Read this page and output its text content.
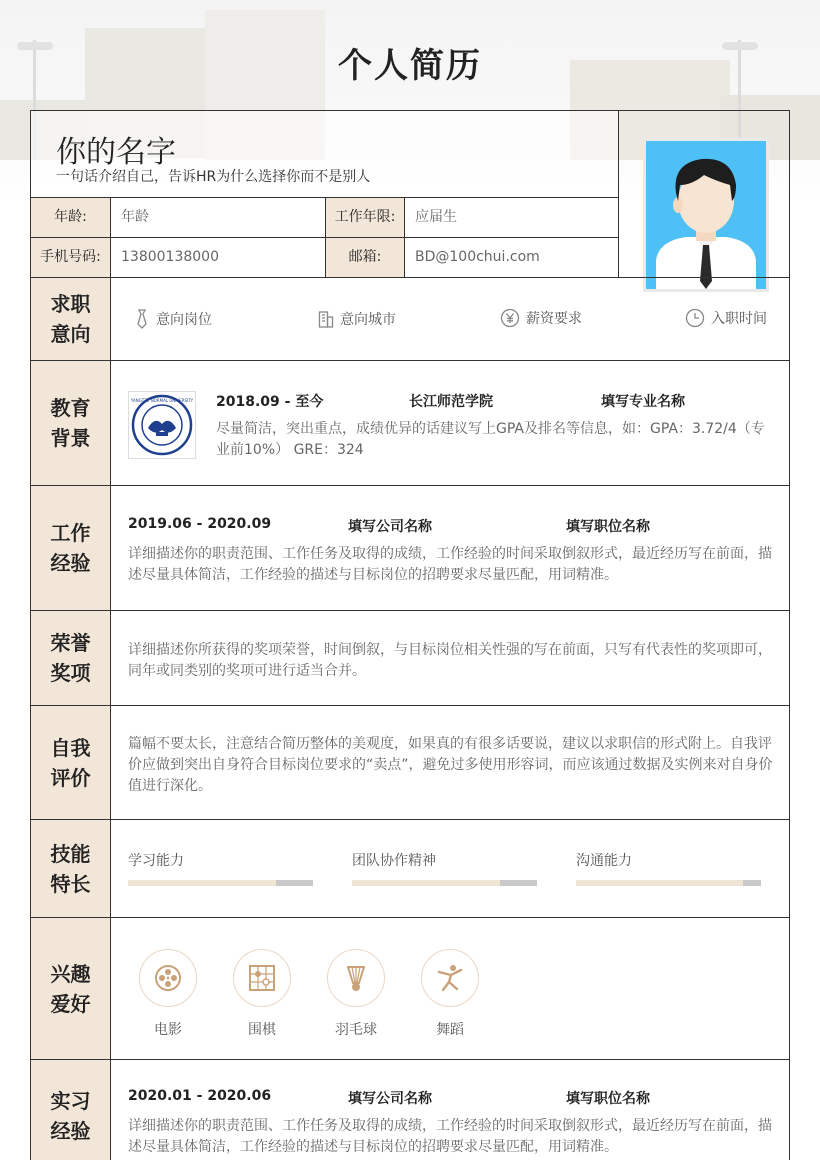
个人简历
你的名字
一句话介绍自己，告诉HR为什么选择你而不是别人
年龄:	年龄	工作年限:	应届生
手机号码:	13800138000	邮箱:	BD@100chui.com
求职意向
意向岗位	意向城市	薪资要求	入职时间
教育背景
YANGTZE NORMAL UNIVERSITY 2018.09 - 至今	长江师范学院	填写专业名称
尽量简洁，突出重点，成绩优异的话建议写上GPA及排名等信息，如：GPA：3.72/4（专业前10%） GRE：324
工作经验
2019.06 - 2020.09	填写公司名称	填写职位名称
详细描述你的职责范围、工作任务及取得的成绩，工作经验的时间采取倒叙形式，最近经历写在前面，描述尽量具体简洁，工作经验的描述与目标岗位的招聘要求尽量匹配，用词精准。
荣誉奖项
详细描述你所获得的奖项荣誉，时间倒叙，与目标岗位相关性强的写在前面，只写有代表性的奖项即可，同年或同类别的奖项可进行适当合并。
自我评价
篇幅不要太长，注意结合简历整体的美观度，如果真的有很多话要说，建议以求职信的形式附上。自我评价应做到突出自身符合目标岗位要求的“卖点”，避免过多使用形容词，而应该通过数据及实例来对自身价值进行深化。
技能特长
学习能力	团队协作精神	沟通能力
兴趣爱好
电影	围棋	羽毛球	舞蹈
实习经验
2020.01 - 2020.06	填写公司名称	填写职位名称
详细描述你的职责范围、工作任务及取得的成绩，工作经验的时间采取倒叙形式，最近经历写在前面，描述尽量具体简洁，工作经验的描述与目标岗位的招聘要求尽量匹配，用词精准。
